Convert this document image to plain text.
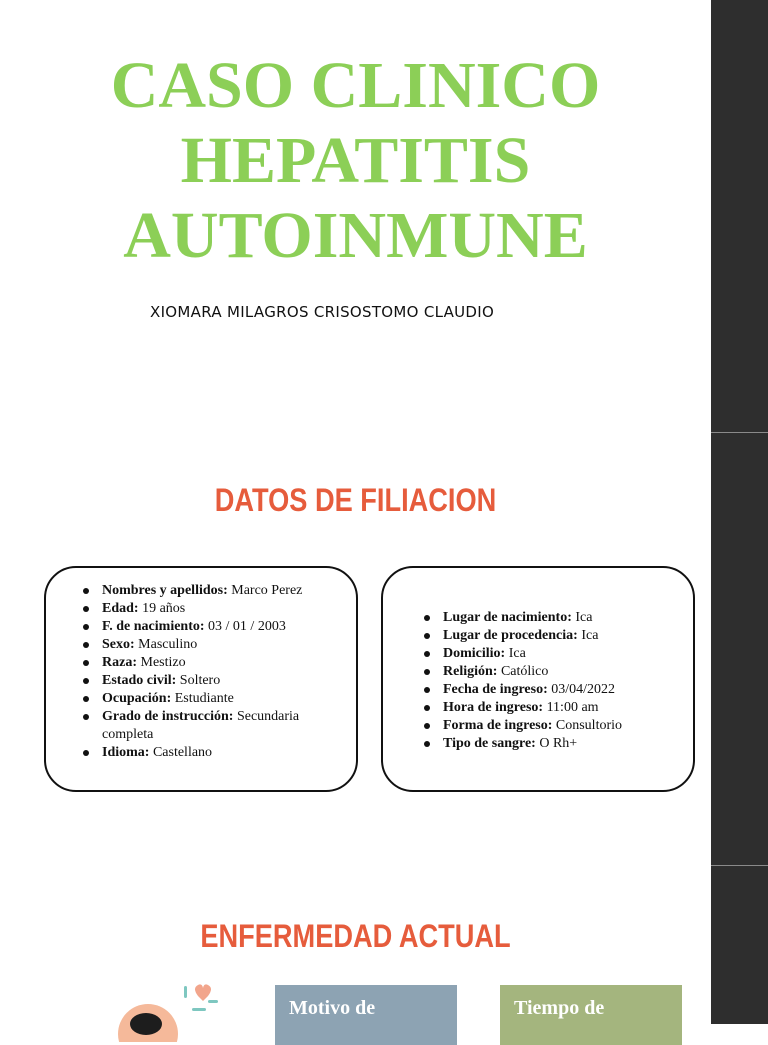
CASO CLINICO
HEPATITIS
AUTOINMUNE
XIOMARA MILAGROS CRISOSTOMO CLAUDIO
DATOS DE FILIACION
Nombres y apellidos: Marco Perez
Edad: 19 años
F. de nacimiento: 03 / 01 / 2003
Sexo: Masculino
Raza: Mestizo
Estado civil: Soltero
Ocupación: Estudiante
Grado de instrucción: Secundaria completa
Idioma: Castellano
Lugar de nacimiento: Ica
Lugar de procedencia: Ica
Domicilio: Ica
Religión: Católico
Fecha de ingreso: 03/04/2022
Hora de ingreso: 11:00 am
Forma de ingreso: Consultorio
Tipo de sangre: O Rh+
ENFERMEDAD ACTUAL
Motivo de	Tiempo de
